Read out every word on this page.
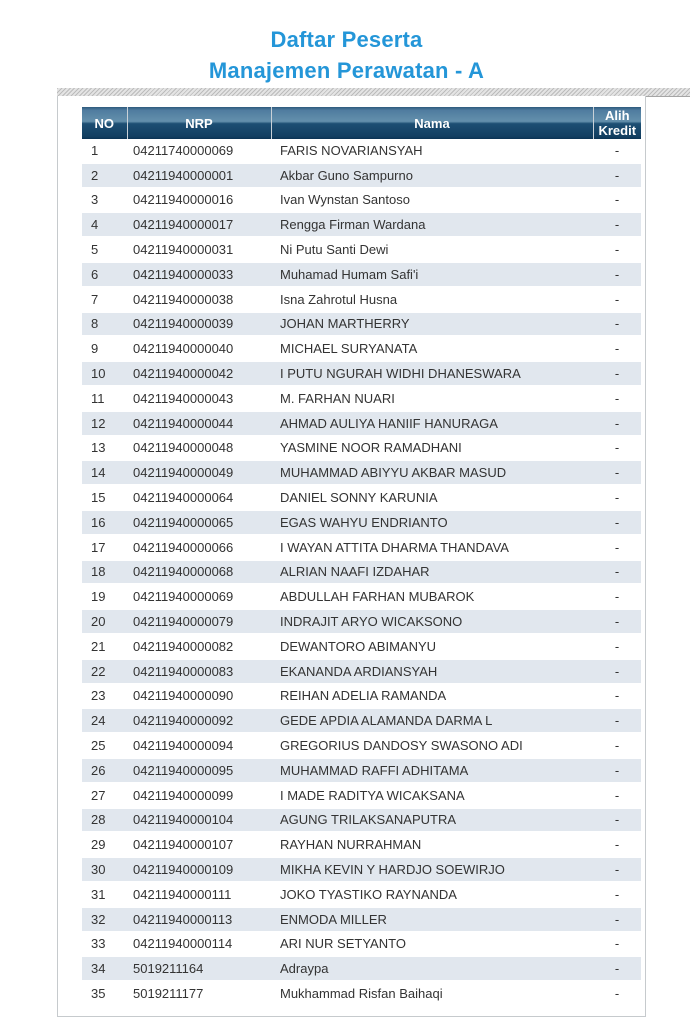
Daftar Peserta
Manajemen Perawatan - A
NO	NRP	Nama	Alih Kredit
1	04211740000069	FARIS NOVARIANSYAH	-
2	04211940000001	Akbar Guno Sampurno	-
3	04211940000016	Ivan Wynstan Santoso	-
4	04211940000017	Rengga Firman Wardana	-
5	04211940000031	Ni Putu Santi Dewi	-
6	04211940000033	Muhamad Humam Safi'i	-
7	04211940000038	Isna Zahrotul Husna	-
8	04211940000039	JOHAN MARTHERRY	-
9	04211940000040	MICHAEL SURYANATA	-
10	04211940000042	I PUTU NGURAH WIDHI DHANESWARA	-
11	04211940000043	M. FARHAN NUARI	-
12	04211940000044	AHMAD AULIYA HANIIF HANURAGA	-
13	04211940000048	YASMINE NOOR RAMADHANI	-
14	04211940000049	MUHAMMAD ABIYYU AKBAR MASUD	-
15	04211940000064	DANIEL SONNY KARUNIA	-
16	04211940000065	EGAS WAHYU ENDRIANTO	-
17	04211940000066	I WAYAN ATTITA DHARMA THANDAVA	-
18	04211940000068	ALRIAN NAAFI IZDAHAR	-
19	04211940000069	ABDULLAH FARHAN MUBAROK	-
20	04211940000079	INDRAJIT ARYO WICAKSONO	-
21	04211940000082	DEWANTORO ABIMANYU	-
22	04211940000083	EKANANDA ARDIANSYAH	-
23	04211940000090	REIHAN ADELIA RAMANDA	-
24	04211940000092	GEDE APDIA ALAMANDA DARMA L	-
25	04211940000094	GREGORIUS DANDOSY SWASONO ADI	-
26	04211940000095	MUHAMMAD RAFFI ADHITAMA	-
27	04211940000099	I MADE RADITYA WICAKSANA	-
28	04211940000104	AGUNG TRILAKSANAPUTRA	-
29	04211940000107	RAYHAN NURRAHMAN	-
30	04211940000109	MIKHA KEVIN Y HARDJO SOEWIRJO	-
31	04211940000111	JOKO TYASTIKO RAYNANDA	-
32	04211940000113	ENMODA MILLER	-
33	04211940000114	ARI NUR SETYANTO	-
34	5019211164	Adraypa	-
35	5019211177	Mukhammad Risfan Baihaqi	-
